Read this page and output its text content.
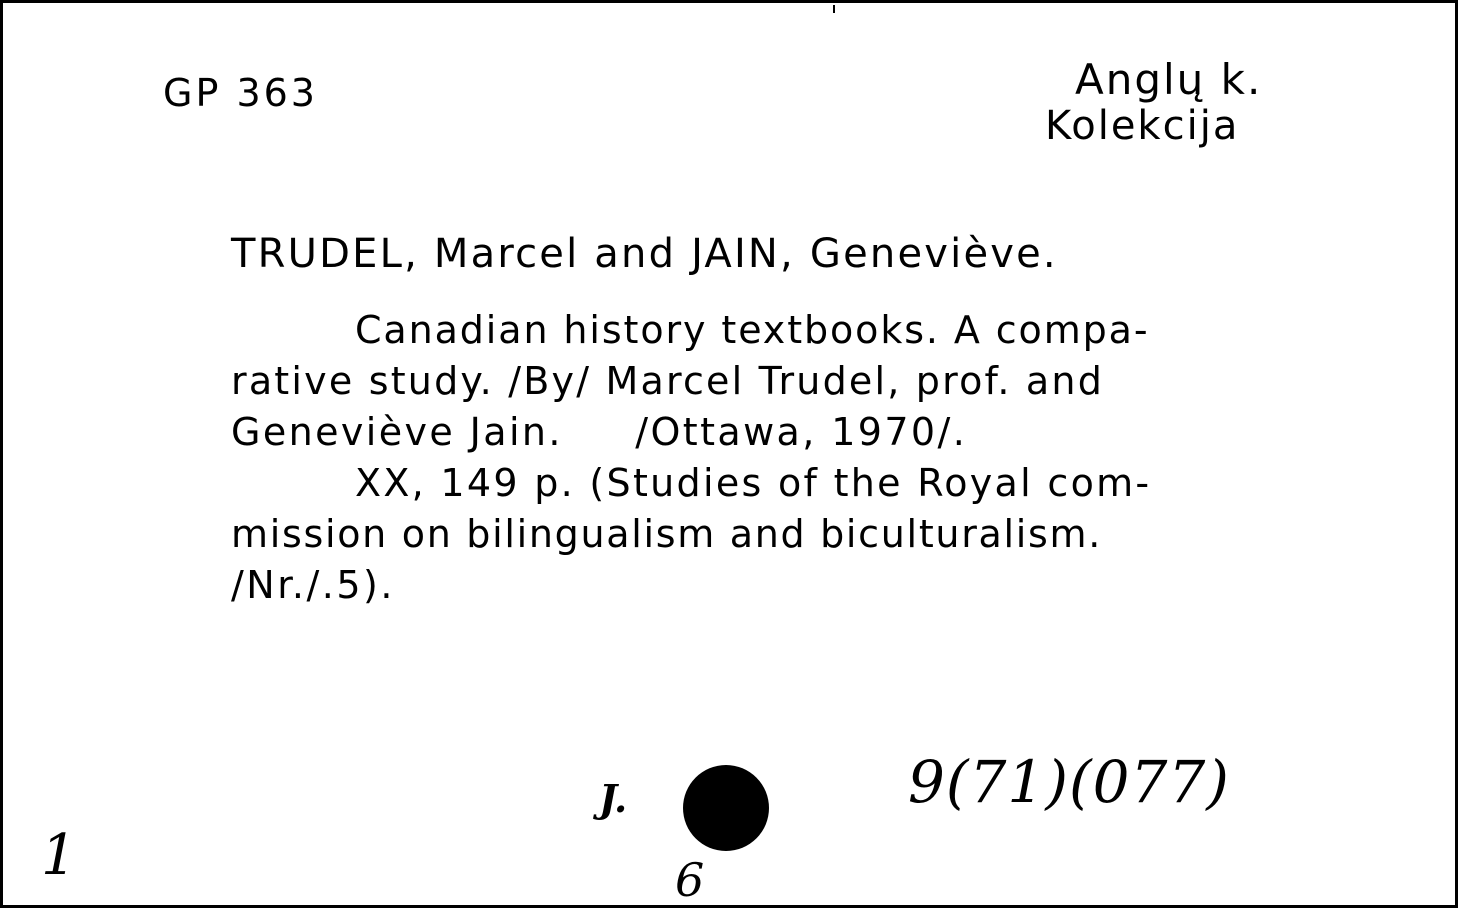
GP 363	Anglų k.
Kolekcija
TRUDEL, Marcel and JAIN, Geneviève.
Canadian history textbooks. A compa-
rative study. /By/ Marcel Trudel, prof. and
Geneviève Jain.     /Ottawa, 1970/.
XX, 149 p. (Studies of the Royal com-
mission on bilingualism and biculturalism.
/Nr./.5).
J.	9(71)(077)
1	6
